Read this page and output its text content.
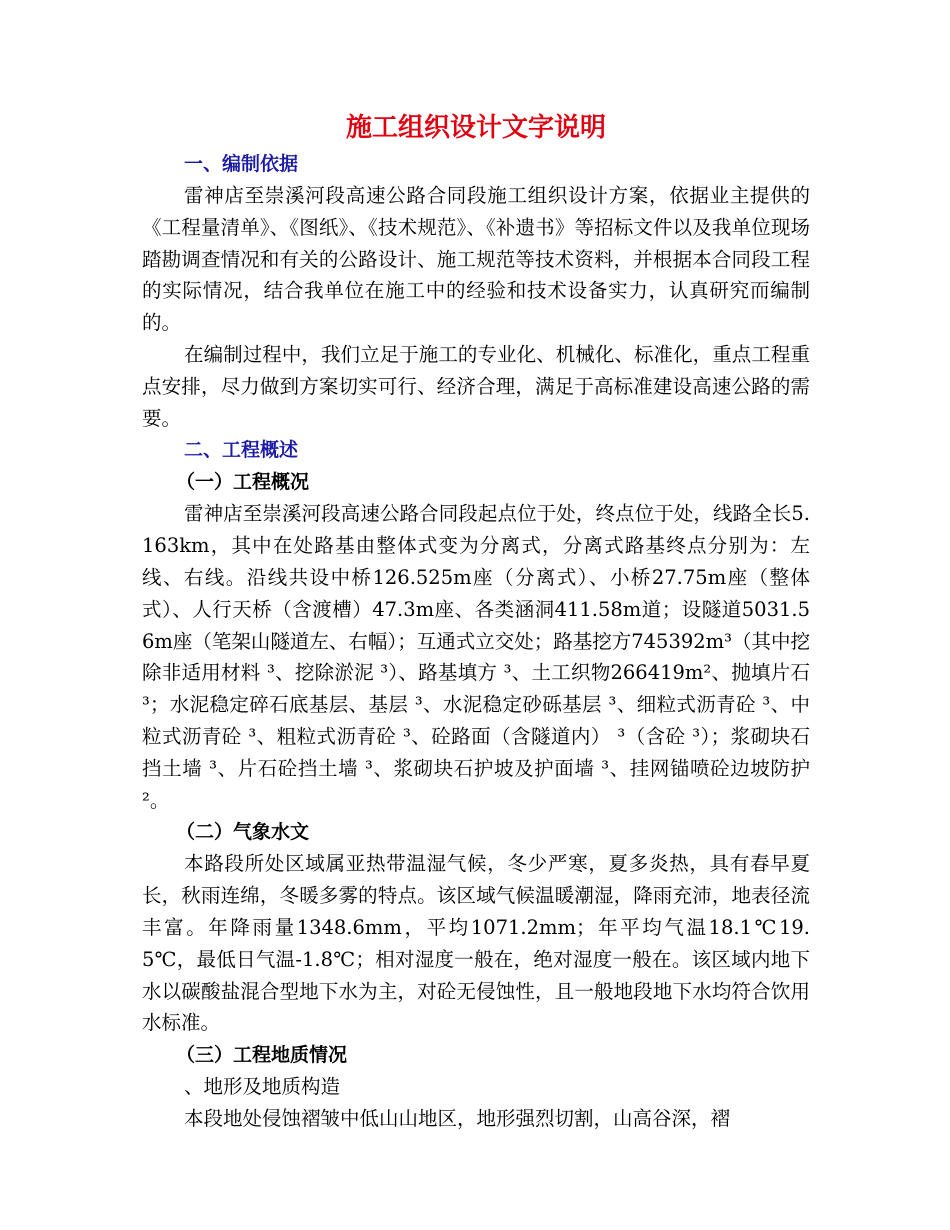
施工组织设计文字说明
一、编制依据

雷神店至崇溪河段高速公路合同段施工组织设计方案，依据业主提供的《工程量清单》、《图纸》、《技术规范》、《补遗书》等招标文件以及我单位现场踏勘调查情况和有关的公路设计、施工规范等技术资料，并根据本合同段工程的实际情况，结合我单位在施工中的经验和技术设备实力，认真研究而编制的。

在编制过程中，我们立足于施工的专业化、机械化、标准化，重点工程重点安排，尽力做到方案切实可行、经济合理，满足于高标准建设高速公路的需要。

二、工程概述
（一）工程概况

雷神店至崇溪河段高速公路合同段起点位于处，终点位于处，线路全长5.163km，其中在处路基由整体式变为分离式，分离式路基终点分别为：左线、右线。沿线共设中桥126.525m座（分离式）、小桥27.75m座（整体式）、人行天桥（含渡槽）47.3m座、各类涵洞411.58m道；设隧道5031.56m座（笔架山隧道左、右幅）；互通式立交处；路基挖方745392m³（其中挖除非适用材料 ³、挖除淤泥 ³）、路基填方 ³、土工织物266419m²、抛填片石 ³；水泥稳定碎石底基层、基层 ³、水泥稳定砂砾基层 ³、细粒式沥青砼 ³、中粒式沥青砼 ³、粗粒式沥青砼 ³、砼路面（含隧道内） ³（含砼 ³）；浆砌块石挡土墙 ³、片石砼挡土墙 ³、浆砌块石护坡及护面墙 ³、挂网锚喷砼边坡防护 ²。

（二）气象水文

本路段所处区域属亚热带温湿气候，冬少严寒，夏多炎热，具有春早夏长，秋雨连绵，冬暖多雾的特点。该区域气候温暖潮湿，降雨充沛，地表径流丰富。年降雨量1348.6mm，平均1071.2mm；年平均气温18.1℃19.5℃，最低日气温-1.8℃；相对湿度一般在，绝对湿度一般在。该区域内地下水以碳酸盐混合型地下水为主，对砼无侵蚀性，且一般地段地下水均符合饮用水标准。

（三）工程地质情况

、地形及地质构造

本段地处侵蚀褶皱中低山山地区，地形强烈切割，山高谷深，褶
